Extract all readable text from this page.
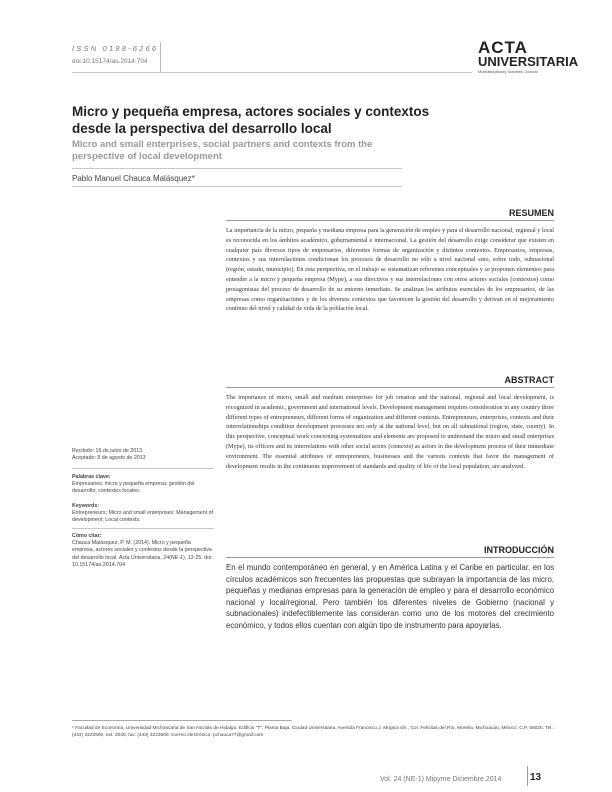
ISSN 0188-6266
doi:10.15174/au.2014.704
ACTA
UNIVERSITARIA
Multidisciplinary Scientific Journal
Micro y pequeña empresa, actores sociales y contextos
desde la perspectiva del desarrollo local
Micro and small enterprises, social partners and contexts from the
perspective of local development
Pablo Manuel Chauca Malásquez*
RESUMEN
La importancia de la micro, pequeña y mediana empresa para la generación de empleo y para el desarrollo nacional, regional y local es reconocida en los ámbitos académico, gubernamental e internacional. La gestión del desarrollo exige considerar que existen en cualquier país diversos tipos de empresarios, diferentes formas de organización y distintos contextos. Empresarios, empresas, contextos y sus interrelaciones condicionan los procesos de desarrollo no sólo a nivel nacional sino, sobre todo, subnacional (región, estado, municipio). En esta perspectiva, en el trabajo se sistematizan referentes conceptuales y se proponen elementos para entender a la micro y pequeña empresa (Mype), a sus directivos y sus interrelaciones con otros actores sociales (contextos) como protagonistas del proceso de desarrollo de su entorno inmediato. Se analizan los atributos esenciales de los empresarios, de las empresas como organizaciones y de los diversos contextos que favorecen la gestión del desarrollo y derivan en el mejoramiento continuo del nivel y calidad de vida de la población local.
ABSTRACT
The importance of micro, small and medium enterprises for job creation and the national, regional and local development, is recognized in academic, government and international levels. Development management requires consideration in any country three different types of entrepreneurs, different forms of organization and different contexts. Entrepreneurs, enterprises, contexts and their interrelationships condition development processes not only at the national level, but on all subnational (region, state, county). In this perspective, conceptual work concerning systematizes and elements are proposed to understand the micro and small enterprises (Mype), its officers and its interrelations with other social actors (contexts) as actors in the development process of their immediate environment. The essential attributes of entrepreneurs, businesses and the various contexts that favor the management of development results in the continuous improvement of standards and quality of life of the local population, are analyzed.
Recibido: 16 de junio de 2013
Aceptado: 8 de agosto de 2013
Palabras clave:
Empresarios; micro y pequeña empresa; gestión del desarrollo; contextos locales.
Keywords:
Entrepreneurs; Micro and small enterprises; Management of development; Local contexts.
Cómo citar:
Chauca Malásquez, P. M. (2014). Micro y pequeña empresa, actores sociales y contextos desde la perspectiva del desarrollo local. Acta Universitaria, 24(NE-1), 13-25. doi: 10.15174/au.2014.704
INTRODUCCIÓN
En el mundo contemporáneo en general, y en América Latina y el Caribe en particular, en los círculos académicos son frecuentes las propuestas que subrayan la importancia de las micro, pequeñas y medianas empresas para la generación de empleo y para el desarrollo económico nacional y local/regional. Pero también los diferentes niveles de Gobierno (nacional y subnacionales) indefectiblemente las consideran como uno de los motores del crecimiento económico, y todos ellos cuentan con algún tipo de instrumento para apoyarlas.
* Facultad de Economía, Universidad Michoacana de San Nicolás de Hidalgo. Edificio "T", Planta Baja, Ciudad Universitaria, Avenida Francisco J. Múgica s/n., Col. Felicitas del Río, Morelia, Michoacán, México. C.P. 58030. Tel.: (443) 3223500, ext. 3046; fax: (443) 3223500. Correo electrónico: pchauca77@gmail.com
Vol. 24 (NE-1) Mipyme Diciembre 2014	13
